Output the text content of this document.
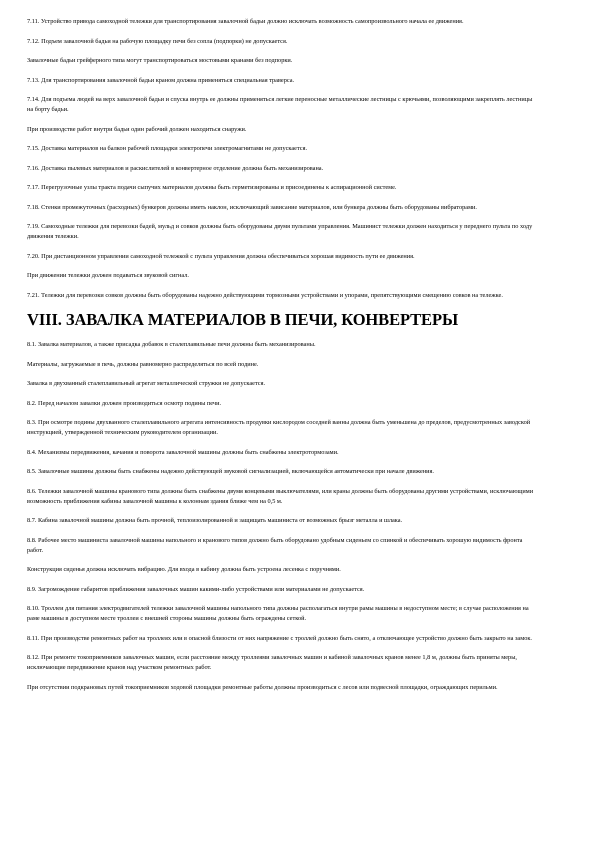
7.11. Устройство привода самоходной тележки для транспортирования завалочной бадьи должно исключать возможность самопроизвольного начала ее движения.

7.12. Подъем завалочной бадьи на рабочую площадку печи без сопла (подпорки) не допускается.

Завалочные бадьи грейферного типа могут транспортироваться мостовыми кранами без подпорки.

7.13. Для транспортирования завалочной бадьи краном должна применяться специальная траверса.

7.14. Для подъема людей на верх завалочной бадьи и спуска внутрь ее должны применяться легкие переносные металлические лестницы с крючьями, позволяющими закреплять лестницы на борту бадьи.

При производстве работ внутри бадьи один рабочий должен находиться снаружи.

7.15. Доставка материалов на балкон рабочей площадки электропечи электромагнитами не допускается.

7.16. Доставка пылевых материалов и раскислителей в конвертерное отделение должна быть механизирована.

7.17. Перегрузочные узлы тракта подачи сыпучих материалов должны быть герметизированы и присоединены к аспирационной системе.

7.18. Стенки промежуточных (расходных) бункеров должны иметь наклон, исключающий зависание материалов, или бункера должны быть оборудованы вибраторами.

7.19. Самоходные тележки для перевозки бадей, мульд и совков должны быть оборудованы двумя пультами управления. Машинист тележки должен находиться у переднего пульта по ходу движения тележки.

7.20. При дистанционном управлении самоходной тележкой с пульта управления должна обеспечиваться хорошая видимость пути ее движения.

При движении тележки должен подаваться звуковой сигнал.

7.21. Тележки для перевозки совков должны быть оборудованы надежно действующими тормозными устройствами и упорами, препятствующими смещению совков на тележке.

VIII. ЗАВАЛКА МАТЕРИАЛОВ В ПЕЧИ, КОНВЕРТЕРЫ

8.1. Завалка материалов, а также присадка добавок в сталеплавильные печи должны быть механизированы.

Материалы, загружаемые в печь, должны равномерно распределяться по всей подине.

Завалка в двухванный сталеплавильный агрегат металлической стружки не допускается.

8.2. Перед началом завалки должен производиться осмотр подины печи.

8.3. При осмотре подины двухванного сталеплавильного агрегата интенсивность продувки кислородом соседней ванны должна быть уменьшена до пределов, предусмотренных заводской инструкцией, утвержденной техническим руководителем организации.

8.4. Механизмы передвижения, качания и поворота завалочной машины должны быть снабжены электротормозами.

8.5. Завалочные машины должны быть снабжены надежно действующей звуковой сигнализацией, включающейся автоматически при начале движения.

8.6. Тележки завалочной машины кранового типа должны быть снабжены двумя концевыми выключателями, или краны должны быть оборудованы другими устройствами, исключающими возможность приближения кабины завалочной машины к колоннам здания ближе чем на 0,5 м.

8.7. Кабина завалочной машины должна быть прочной, теплоизолированной и защищать машиниста от возможных брызг металла и шлака.

8.8. Рабочее место машиниста завалочной машины напольного и кранового типов должно быть оборудовано удобным сиденьем со спинкой и обеспечивать хорошую видимость фронта работ.

Конструкция сиденья должна исключать вибрацию. Для входа в кабину должна быть устроена лесенка с поручнями.

8.9. Загромождение габаритов приближения завалочных машин какими-либо устройствами или материалами не допускается.

8.10. Троллеи для питания электродвигателей тележки завалочной машины напольного типа должны располагаться внутри рамы машины в недоступном месте; в случае расположения на раме машины в доступном месте троллеи с внешней стороны машины должны быть ограждены сеткой.

8.11. При производстве ремонтных работ на троллеях или в опасной близости от них напряжение с троллей должно быть снято, а отключающее устройство должно быть закрыто на замок.

8.12. При ремонте токоприемников завалочных машин, если расстояние между троллеями завалочных машин и кабиной завалочных кранов менее 1,8 м, должны быть приняты меры, исключающие передвижение кранов над участком ремонтных работ.

При отсутствии подкрановых путей токоприемников ходовой площадки ремонтные работы должны производиться с лесов или подвесной площадки, ограждающих перильми.
